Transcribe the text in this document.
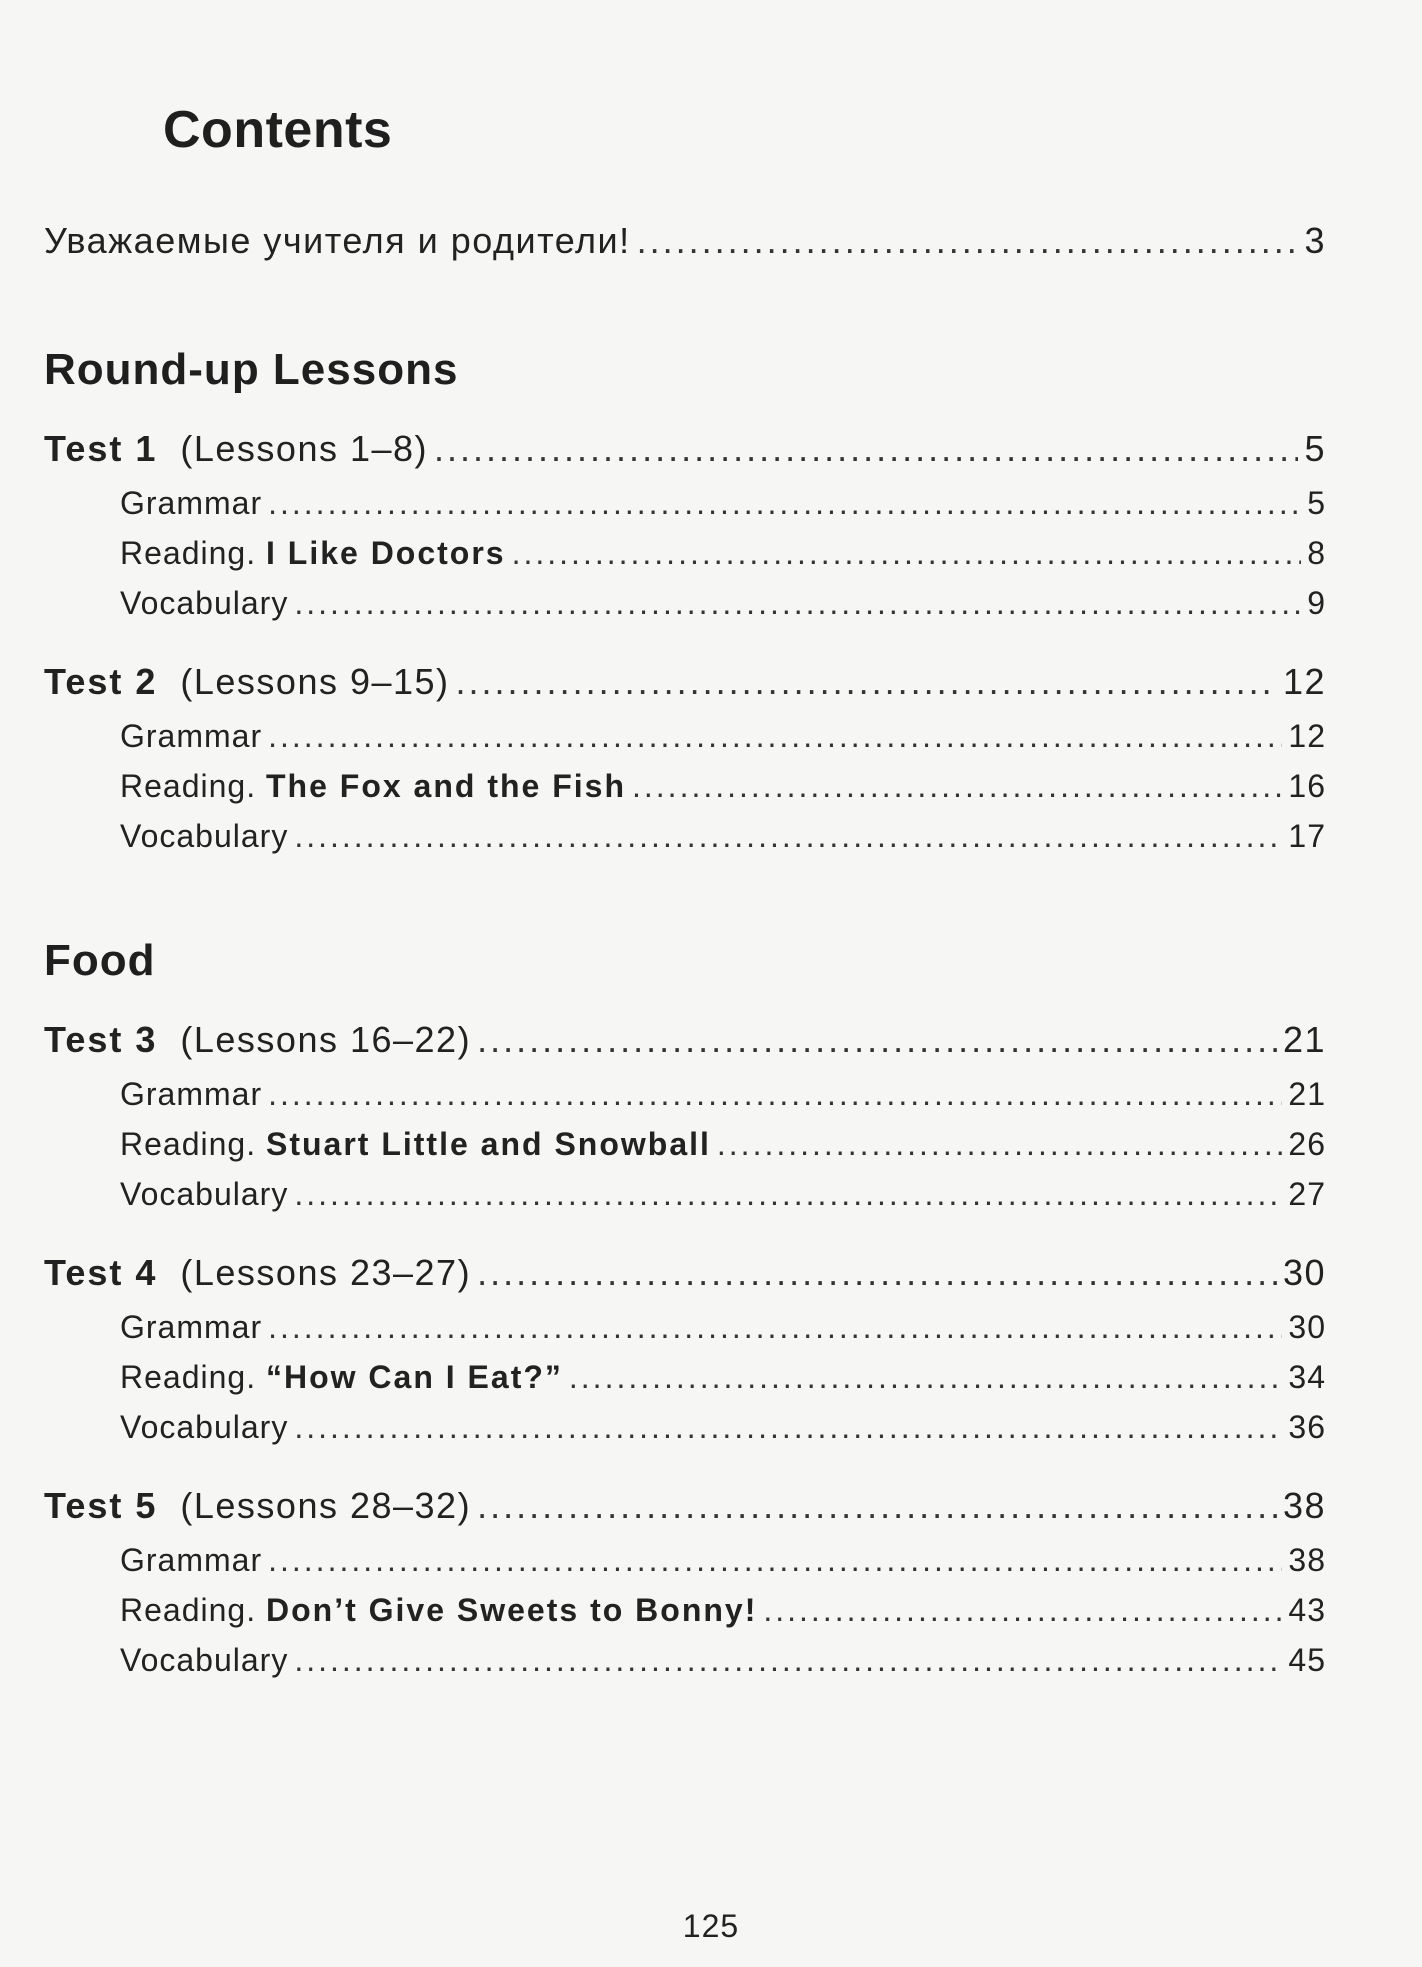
Contents
Уважаемые учителя и родители! .....	3
Round-up Lessons
Test 1 (Lessons 1–8) .....	5
Grammar .....	5
Reading. I Like Doctors .....	8
Vocabulary .....	9
Test 2 (Lessons 9–15) .....	12
Grammar .....	12
Reading. The Fox and the Fish .....	16
Vocabulary .....	17
Food
Test 3 (Lessons 16–22) .....	21
Grammar .....	21
Reading. Stuart Little and Snowball .....	26
Vocabulary .....	27
Test 4 (Lessons 23–27) .....	30
Grammar .....	30
Reading. “How Can I Eat?” .....	34
Vocabulary .....	36
Test 5 (Lessons 28–32) .....	38
Grammar .....	38
Reading. Don’t Give Sweets to Bonny! .....	43
Vocabulary .....	45
125
